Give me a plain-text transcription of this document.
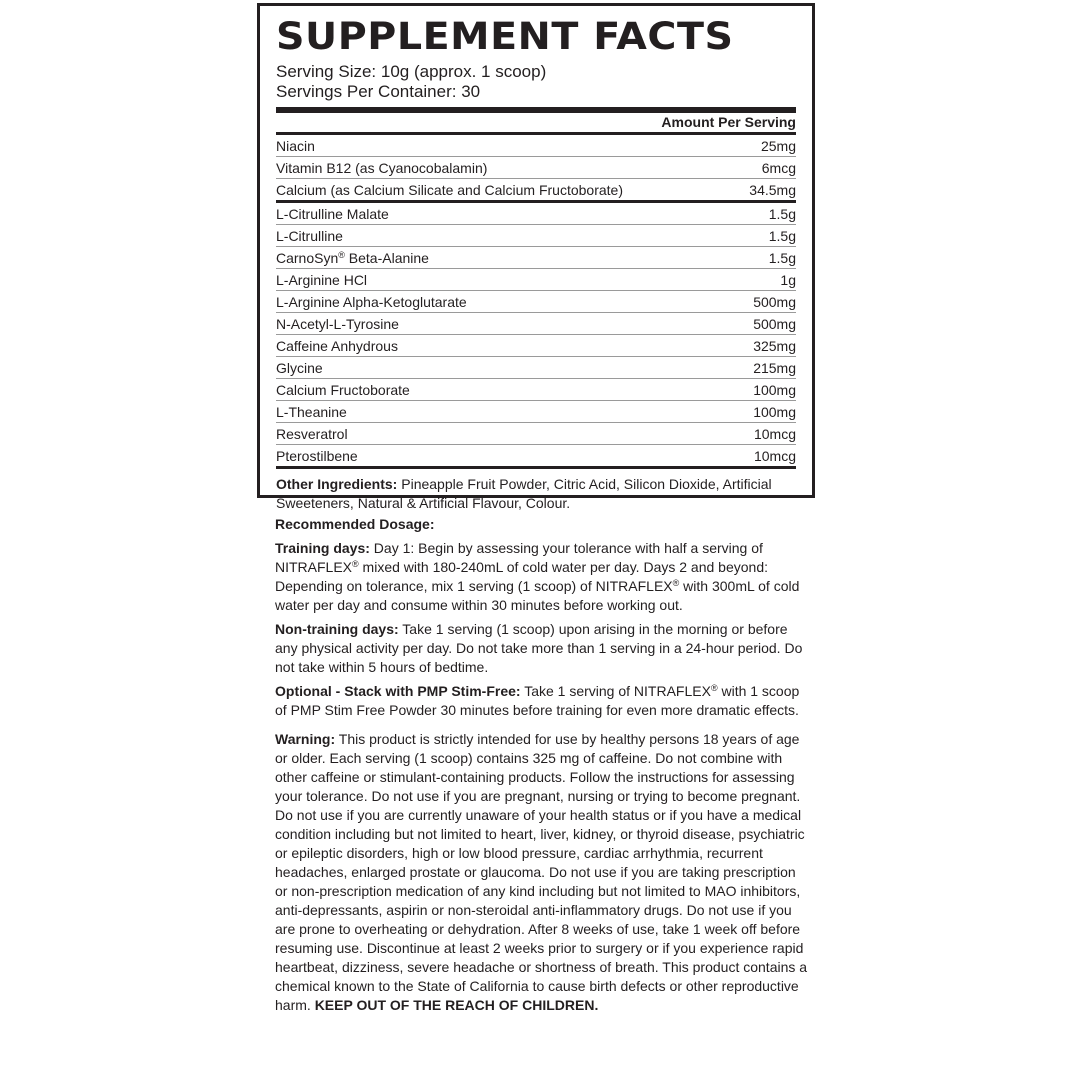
SUPPLEMENT FACTS
Serving Size: 10g (approx. 1 scoop)
Servings Per Container: 30
Amount Per Serving
Niacin	25mg
Vitamin B12 (as Cyanocobalamin)	6mcg
Calcium (as Calcium Silicate and Calcium Fructoborate)	34.5mg
L-Citrulline Malate	1.5g
L-Citrulline	1.5g
CarnoSyn® Beta-Alanine	1.5g
L-Arginine HCl	1g
L-Arginine Alpha-Ketoglutarate	500mg
N-Acetyl-L-Tyrosine	500mg
Caffeine Anhydrous	325mg
Glycine	215mg
Calcium Fructoborate	100mg
L-Theanine	100mg
Resveratrol	10mcg
Pterostilbene	10mcg
Other Ingredients: Pineapple Fruit Powder, Citric Acid, Silicon Dioxide, Artificial Sweeteners, Natural & Artificial Flavour, Colour.

Recommended Dosage:

Training days: Day 1: Begin by assessing your tolerance with half a serving of NITRAFLEX® mixed with 180-240mL of cold water per day. Days 2 and beyond: Depending on tolerance, mix 1 serving (1 scoop) of NITRAFLEX® with 300mL of cold water per day and consume within 30 minutes before working out.

Non-training days: Take 1 serving (1 scoop) upon arising in the morning or before any physical activity per day. Do not take more than 1 serving in a 24-hour period. Do not take within 5 hours of bedtime.

Optional - Stack with PMP Stim-Free: Take 1 serving of NITRAFLEX® with 1 scoop of PMP Stim Free Powder 30 minutes before training for even more dramatic effects.

Warning: This product is strictly intended for use by healthy persons 18 years of age or older. Each serving (1 scoop) contains 325 mg of caffeine. Do not combine with other caffeine or stimulant-containing products. Follow the instructions for assessing your tolerance. Do not use if you are pregnant, nursing or trying to become pregnant. Do not use if you are currently unaware of your health status or if you have a medical condition including but not limited to heart, liver, kidney, or thyroid disease, psychiatric or epileptic disorders, high or low blood pressure, cardiac arrhythmia, recurrent headaches, enlarged prostate or glaucoma. Do not use if you are taking prescription or non-prescription medication of any kind including but not limited to MAO inhibitors, anti-depressants, aspirin or non-steroidal anti-inflammatory drugs. Do not use if you are prone to overheating or dehydration. After 8 weeks of use, take 1 week off before resuming use. Discontinue at least 2 weeks prior to surgery or if you experience rapid heartbeat, dizziness, severe headache or shortness of breath. This product contains a chemical known to the State of California to cause birth defects or other reproductive harm. KEEP OUT OF THE REACH OF CHILDREN.
